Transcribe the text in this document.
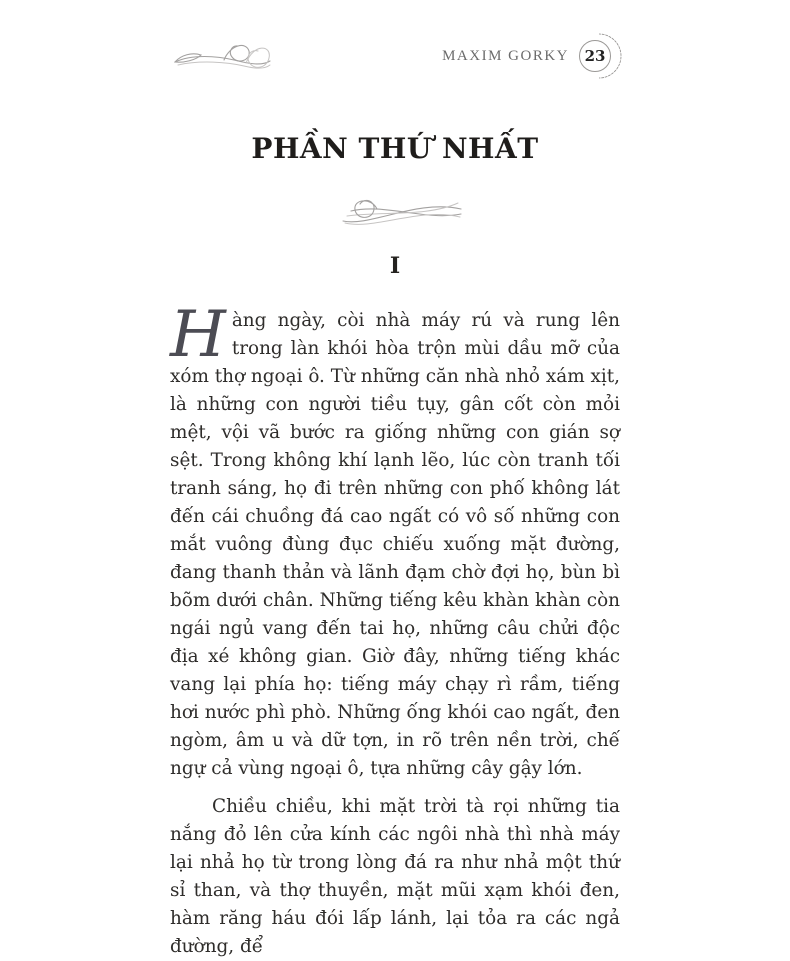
MAXIM GORKY	23
PHẦN THỨ NHẤT
I

Hàng ngày, còi nhà máy rú và rung lên trong làn khói hòa trộn mùi dầu mỡ của xóm thợ ngoại ô. Từ những căn nhà nhỏ xám xịt, là những con người tiều tụy, gân cốt còn mỏi mệt, vội vã bước ra giống những con gián sợ sệt. Trong không khí lạnh lẽo, lúc còn tranh tối tranh sáng, họ đi trên những con phố không lát đến cái chuồng đá cao ngất có vô số những con mắt vuông đùng đục chiếu xuống mặt đường, đang thanh thản và lãnh đạm chờ đợi họ, bùn bì bõm dưới chân. Những tiếng kêu khàn khàn còn ngái ngủ vang đến tai họ, những câu chửi độc địa xé không gian. Giờ đây, những tiếng khác vang lại phía họ: tiếng máy chạy rì rầm, tiếng hơi nước phì phò. Những ống khói cao ngất, đen ngòm, âm u và dữ tợn, in rõ trên nền trời, chế ngự cả vùng ngoại ô, tựa những cây gậy lớn.

Chiều chiều, khi mặt trời tà rọi những tia nắng đỏ lên cửa kính các ngôi nhà thì nhà máy lại nhả họ từ trong lòng đá ra như nhả một thứ sỉ than, và thợ thuyền, mặt mũi xạm khói đen, hàm răng háu đói lấp lánh, lại tỏa ra các ngả đường, để
